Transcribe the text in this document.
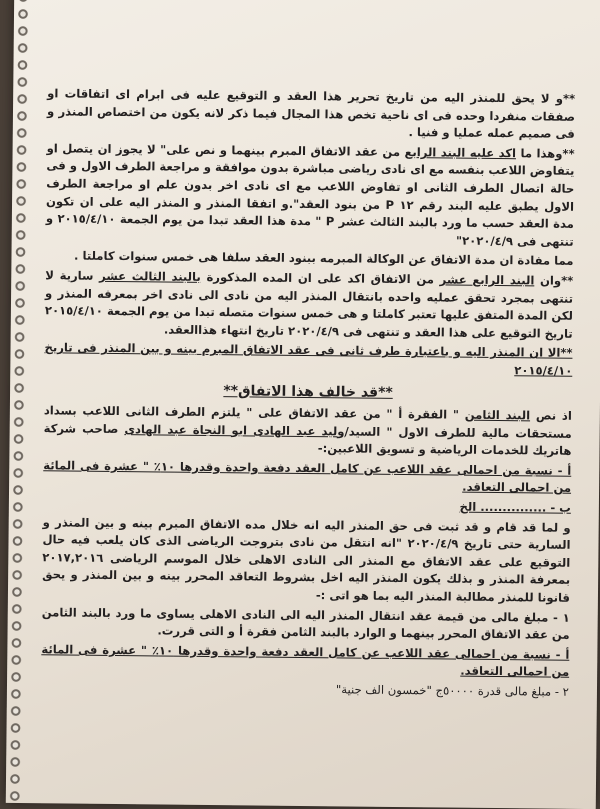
**و لا يحق للمنذر اليه من تاريخ تحرير هذا العقد و التوقيع عليه فى ابرام اى اتفاقات او صفقات منفردا وحده فى اى ناحية تخص هذا المجال فيما ذكر لانه يكون من اختصاص المنذر و فى صميم عمله عمليا و فنيا .

**وهذا ما اكد عليه البند الرابع من عقد الاتفاق المبرم بينهما و نص على" لا يجوز ان يتصل او يتفاوض اللاعب بنفسه مع اى نادى رياضى مباشرة بدون موافقة و مراجعة الطرف الاول و فى حالة اتصال الطرف الثانى او تفاوض اللاعب مع اى نادى اخر بدون علم او مراجعة الطرف الاول يطبق عليه البند رقم ١٢ P من بنود العقد".و اتفقا المنذر و المنذر اليه على ان تكون مدة العقد حسب ما ورد بالبند الثالث عشر P " مدة هذا العقد تبدا من يوم الجمعة ٢٠١٥/٤/١٠ و تنتهى فى ٢٠٢٠/٤/٩"

مما مفادة ان مدة الاتفاق عن الوكالة المبرمه ببنود العقد سلفا هى خمس سنوات كاملتا .

**وان البند الرابع عشر من الاتفاق اكد على ان المده المذكورة بالبند الثالث عشر سارية لا تنتهى بمجرد تحقق عمليه واحده بانتقال المنذر اليه من نادى الى نادى اخر بمعرفه المنذر و لكن المدة المتفق عليها تعتبر كاملتا و هى خمس سنوات متصله تبدا من يوم الجمعة ٢٠١٥/٤/١٠ تاريخ التوقيع على هذا العقد و تنتهى فى ٢٠٢٠/٤/٩ تاريخ انتهاء هذاالعقد.

**الا ان المنذر اليه و باعتبارة طرف ثانى فى عقد الاتفاق المبرم بينه و بين المنذر فى تاريخ ٢٠١٥/٤/١٠

**قد خالف هذا الاتفاق**

اذ نص البند الثامن " الفقرة أ " من عقد الاتفاق على " يلتزم الطرف الثانى اللاعب بسداد مستحقات مالية للطرف الاول " السيد/وليد عبد الهادى ابو النجاة عبد الهادى صاحب شركة هاتريك للخدمات الرياضية و تسويق اللاعبين:-

أ - نسبة من احمالى عقد اللاعب عن كامل العقد دفعة واحدة وقدرها ١٠٪ " عشرة فى المائة من احمالى التعاقد.

ب - ............... الخ

و لما قد قام و قد ثبت فى حق المنذر اليه انه خلال مده الاتفاق المبرم بينه و بين المنذر و السارية حتى تاريخ ٢٠٢٠/٤/٩ "انه انتقل من نادى بتروجت الرياضى الذى كان يلعب فيه حال التوقيع على عقد الاتفاق مع المنذر الى النادى الاهلى خلال الموسم الرياضى ٢٠١٧,٢٠١٦ بمعرفة المنذر و بذلك يكون المنذر اليه اخل بشروط التعاقد المحرر بينه و بين المنذر و يحق قانونا للمنذر مطالبة المنذر اليه بما هو اتى :-

١ - مبلغ مالى من قيمة عقد انتقال المنذر اليه الى النادى الاهلى يساوى ما ورد بالبند الثامن من عقد الاتفاق المحرر بينهما و الوارد بالبند الثامن فقرة أ و التى قررت.

أ - نسبة من احمالى عقد اللاعب عن كامل العقد دفعة واحدة وقدرها ١٠٪ " عشرة فى المائة من احمالى التعاقد.

٢ - مبلغ مالى قدرة ٥٠٠٠٠ج "خمسون الف جنية"
